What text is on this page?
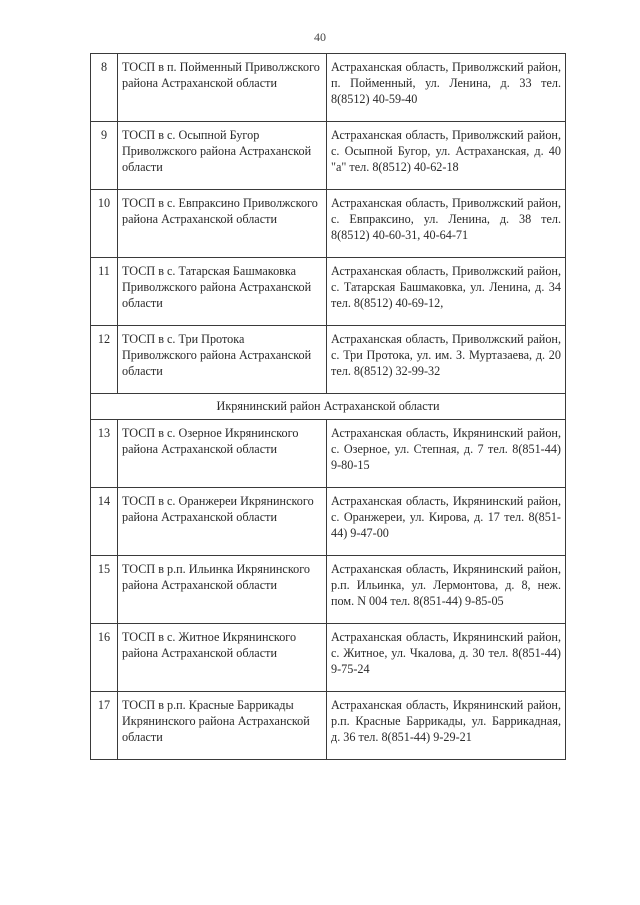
40
8	ТОСП в п. Пойменный Приволжского района Астраханской области	Астраханская область, Приволжский район, п. Пойменный, ул. Ленина, д. 33 тел. 8(8512) 40-59-40
9	ТОСП в с. Осыпной Бугор Приволжского района Астраханской области	Астраханская область, Приволжский район, с. Осыпной Бугор, ул. Астраханская, д. 40 "а" тел. 8(8512) 40-62-18
10	ТОСП в с. Евпраксино Приволжского района Астраханской области	Астраханская область, Приволжский район, с. Евпраксино, ул. Ленина, д. 38 тел. 8(8512) 40-60-31, 40-64-71
11	ТОСП в с. Татарская Башмаковка Приволжского района Астраханской области	Астраханская область, Приволжский район, с. Татарская Башмаковка, ул. Ленина, д. 34 тел. 8(8512) 40-69-12,
12	ТОСП в с. Три Протока Приволжского района Астраханской области	Астраханская область, Приволжский район, с. Три Протока, ул. им. З. Муртазаева, д. 20 тел. 8(8512) 32-99-32
Икрянинский район Астраханской области		
13	ТОСП в с. Озерное Икрянинского района Астраханской области	Астраханская область, Икрянинский район, с. Озерное, ул. Степная, д. 7 тел. 8(851-44) 9-80-15
14	ТОСП в с. Оранжереи Икрянинского района Астраханской области	Астраханская область, Икрянинский район, с. Оранжереи, ул. Кирова, д. 17 тел. 8(851-44) 9-47-00
15	ТОСП в р.п. Ильинка Икрянинского района Астраханской области	Астраханская область, Икрянинский район, р.п. Ильинка, ул. Лермонтова, д. 8, неж. пом. N 004 тел. 8(851-44) 9-85-05
16	ТОСП в с. Житное Икрянинского района Астраханской области	Астраханская область, Икрянинский район, с. Житное, ул. Чкалова, д. 30 тел. 8(851-44) 9-75-24
17	ТОСП в р.п. Красные Баррикады Икрянинского района Астраханской области	Астраханская область, Икрянинский район, р.п. Красные Баррикады, ул. Баррикадная, д. 36 тел. 8(851-44) 9-29-21
